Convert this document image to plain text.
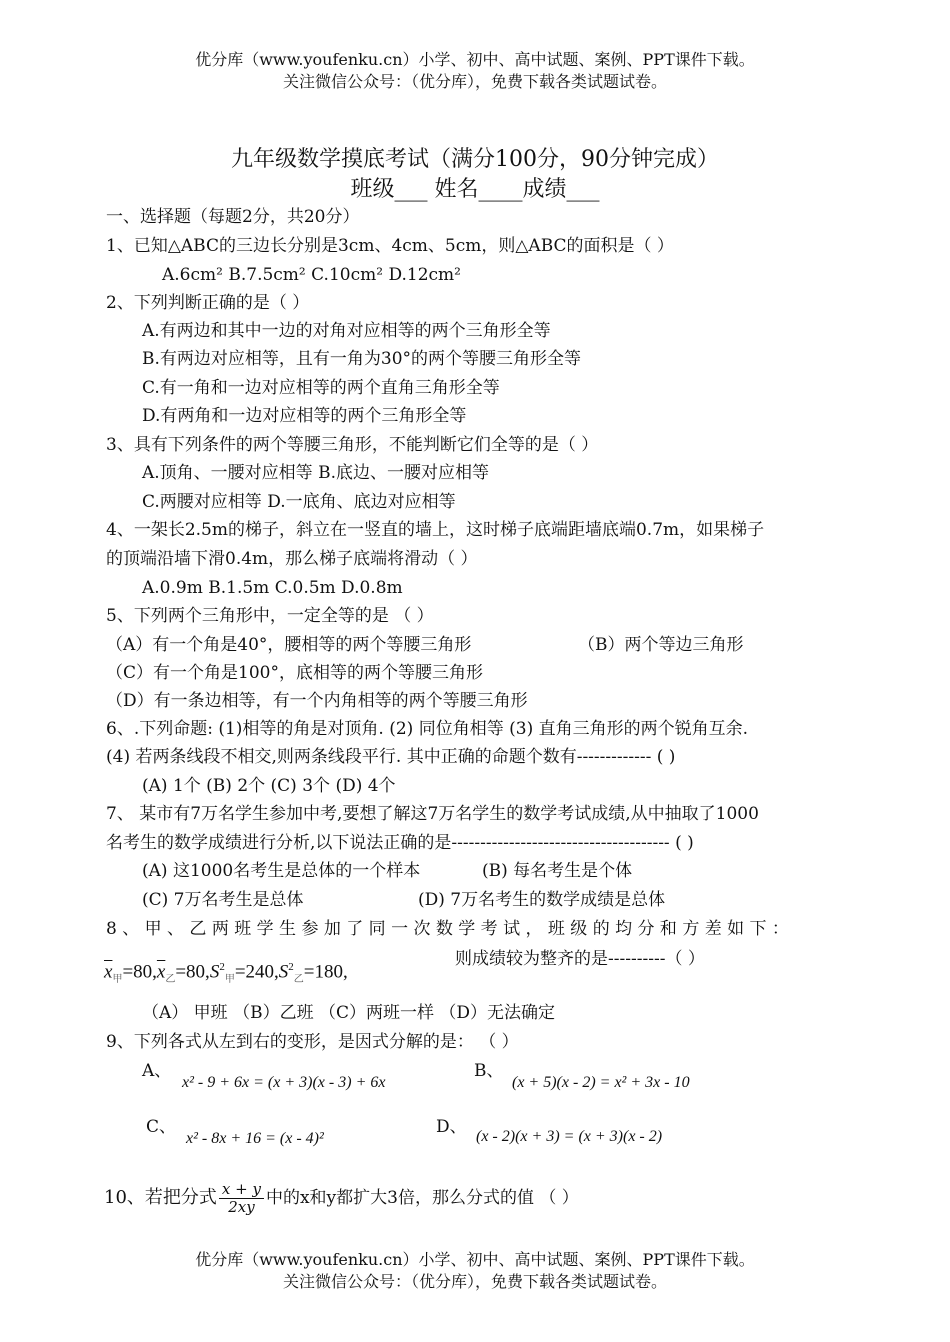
优分库（www.youfenku.cn）小学、初中、高中试题、案例、PPT课件下载。
关注微信公众号：（优分库），免费下载各类试题试卷。
九年级数学摸底考试（满分100分，90分钟完成）
班级___ 姓名____成绩___
一、选择题（每题2分，共20分）
1、已知△ABC的三边长分别是3cm、4cm、5cm，则△ABC的面积是（ ）
A.6cm² B.7.5cm² C.10cm² D.12cm²
2、下列判断正确的是（ ）
A.有两边和其中一边的对角对应相等的两个三角形全等
B.有两边对应相等，且有一角为30°的两个等腰三角形全等
C.有一角和一边对应相等的两个直角三角形全等
D.有两角和一边对应相等的两个三角形全等
3、具有下列条件的两个等腰三角形，不能判断它们全等的是（ ）
A.顶角、一腰对应相等 B.底边、一腰对应相等
C.两腰对应相等 D.一底角、底边对应相等
4、一架长2.5m的梯子，斜立在一竖直的墙上，这时梯子底端距墙底端0.7m，如果梯子
的顶端沿墙下滑0.4m，那么梯子底端将滑动（ ）
A.0.9m B.1.5m C.0.5m D.0.8m
5、下列两个三角形中，一定全等的是 （ ）
（A）有一个角是40°，腰相等的两个等腰三角形	（B）两个等边三角形
（C）有一个角是100°，底相等的两个等腰三角形
（D）有一条边相等，有一个内角相等的两个等腰三角形
6、.下列命题: (1)相等的角是对顶角. (2) 同位角相等 (3) 直角三角形的两个锐角互余.
(4) 若两条线段不相交,则两条线段平行. 其中正确的命题个数有------------- ( )
(A) 1个 (B) 2个 (C) 3个 (D) 4个
7、 某市有7万名学生参加中考,要想了解这7万名学生的数学考试成绩,从中抽取了1000
名考生的数学成绩进行分析,以下说法正确的是-------------------------------------- ( )
(A) 这1000名考生是总体的一个样本	(B) 每名考生是个体
(C) 7万名考生是总体	(D) 7万名考生的数学成绩是总体
8 、 甲 、 乙 两 班 学 生 参 加 了 同 一 次 数 学 考 试 ， 班 级 的 均 分 和 方 差 如 下 ：
$\overline{x}_甲=80,\overline{x}_乙=80,S^2_甲=240,S^2_乙=180$,
则成绩较为整齐的是----------（ ）
（A） 甲班 （B）乙班 （C）两班一样 （D）无法确定
9、下列各式从左到右的变形，是因式分解的是： （ ）
A、
x² - 9 + 6x = (x + 3)(x - 3) + 6x
B、
(x + 5)(x - 2) = x² + 3x - 10
C、
x² - 8x + 16 = (x - 4)²
D、 (x - 2)(x + 3) = (x + 3)(x - 2)
10、若把分式 $\frac{x + y}{2xy}$ 中的x和y都扩大3倍，那么分式的值 （ ）
优分库（www.youfenku.cn）小学、初中、高中试题、案例、PPT课件下载。
关注微信公众号：（优分库），免费下载各类试题试卷。
